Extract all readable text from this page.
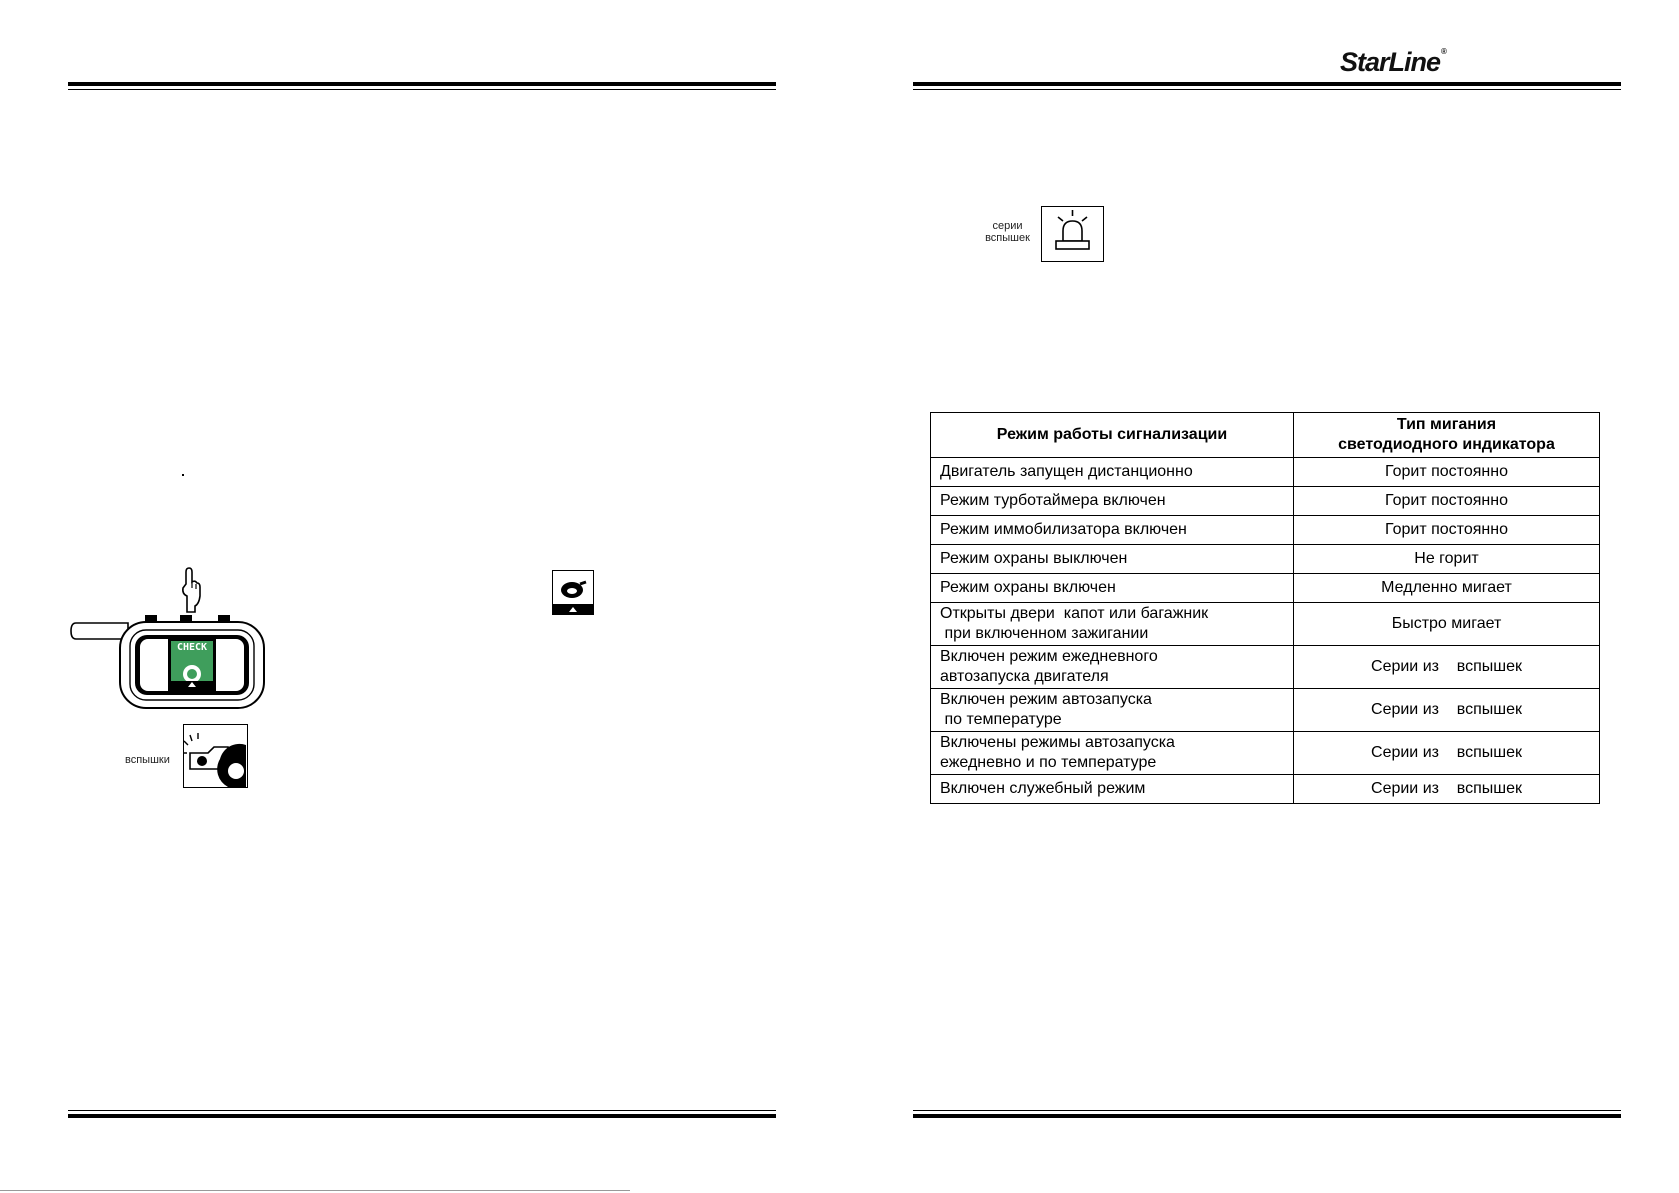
StarLine®
CHECK
вспышки
серии
вспышек
Режим работы сигнализации	Тип мигания
светодиодного индикатора

Двигатель запущен дистанционно	Горит постоянно

Режим турботаймера включен	Горит постоянно

Режим иммобилизатора включен	Горит постоянно

Режим охраны выключен	Не горит

Режим охраны включен	Медленно мигает

Открыты двери  капот или багажник
при включенном зажигании	Быстро мигает

Включен режим ежедневного
автозапуска двигателя	Серии из    вспышек

Включен режим автозапуска
по температуре	Серии из    вспышек

Включены режимы автозапуска
ежедневно и по температуре	Серии из    вспышек

Включен служебный режим	Серии из    вспышек
